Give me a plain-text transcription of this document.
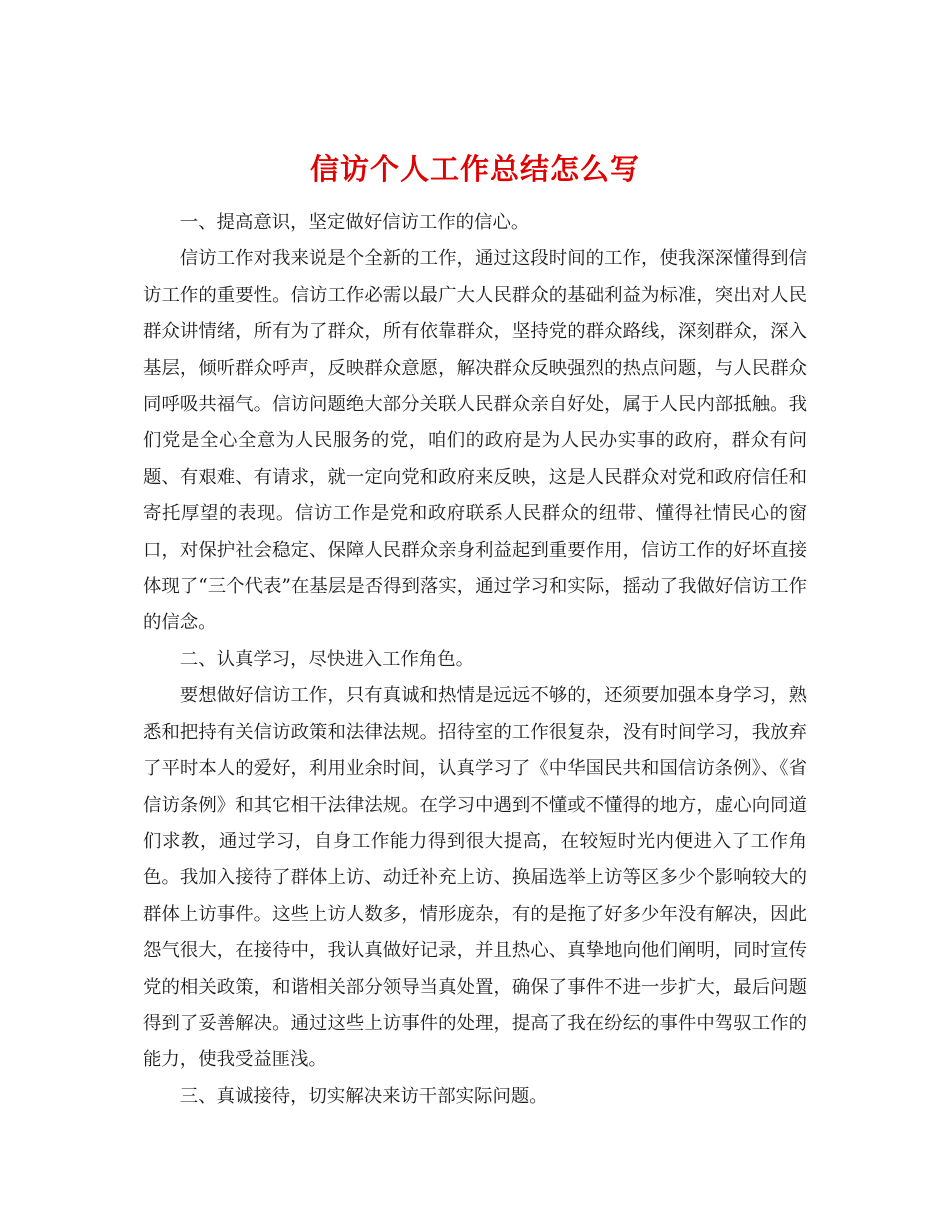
信访个人工作总结怎么写

一、提高意识，坚定做好信访工作的信心。

信访工作对我来说是个全新的工作，通过这段时间的工作，使我深深懂得到信访工作的重要性。信访工作必需以最广大人民群众的基础利益为标准，突出对人民群众讲情绪，所有为了群众，所有依靠群众，坚持党的群众路线，深刻群众，深入基层，倾听群众呼声，反映群众意愿，解决群众反映强烈的热点问题，与人民群众同呼吸共福气。信访问题绝大部分关联人民群众亲自好处，属于人民内部抵触。我们党是全心全意为人民服务的党，咱们的政府是为人民办实事的政府，群众有问题、有艰难、有请求，就一定向党和政府来反映，这是人民群众对党和政府信任和寄托厚望的表现。信访工作是党和政府联系人民群众的纽带、懂得社情民心的窗口，对保护社会稳定、保障人民群众亲身利益起到重要作用，信访工作的好坏直接体现了“三个代表”在基层是否得到落实，通过学习和实际，摇动了我做好信访工作的信念。

二、认真学习，尽快进入工作角色。

要想做好信访工作，只有真诚和热情是远远不够的，还须要加强本身学习，熟悉和把持有关信访政策和法律法规。招待室的工作很复杂，没有时间学习，我放弃了平时本人的爱好，利用业余时间，认真学习了《中华国民共和国信访条例》、《省信访条例》和其它相干法律法规。在学习中遇到不懂或不懂得的地方，虚心向同道们求教，通过学习，自身工作能力得到很大提高，在较短时光内便进入了工作角色。我加入接待了群体上访、动迁补充上访、换届选举上访等区多少个影响较大的群体上访事件。这些上访人数多，情形庞杂，有的是拖了好多少年没有解决，因此怨气很大，在接待中，我认真做好记录，并且热心、真挚地向他们阐明，同时宣传党的相关政策，和谐相关部分领导当真处置，确保了事件不进一步扩大，最后问题得到了妥善解决。通过这些上访事件的处理，提高了我在纷纭的事件中驾驭工作的能力，使我受益匪浅。

三、真诚接待，切实解决来访干部实际问题。
